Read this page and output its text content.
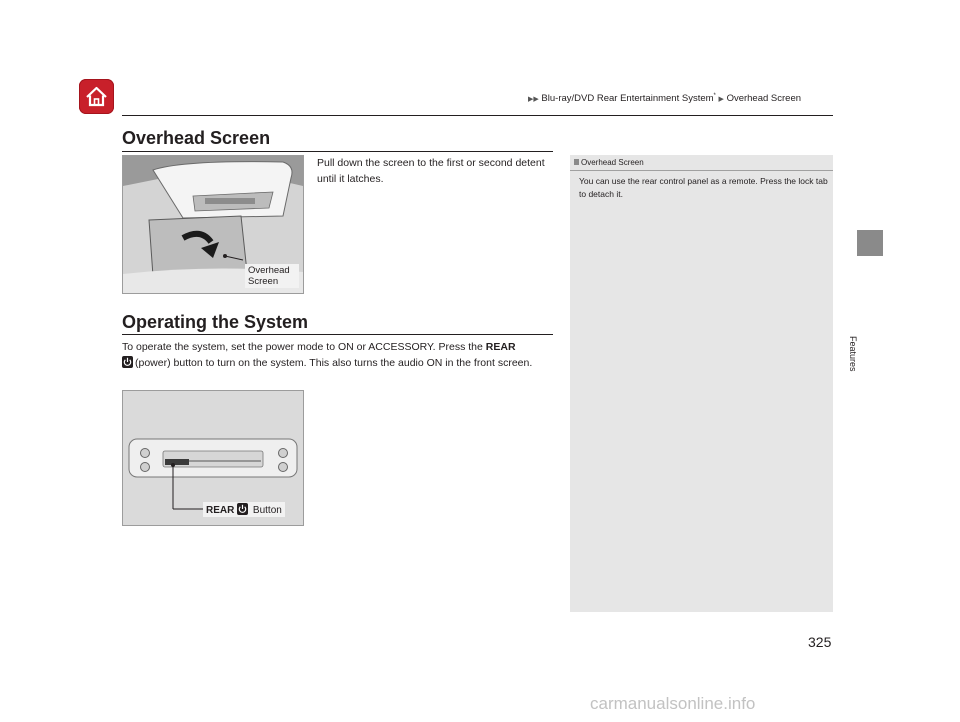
▶▶ Blu-ray/DVD Rear Entertainment System* ▶ Overhead Screen
Features
Overhead Screen
Overhead Screen
Pull down the screen to the first or second detent until it latches.
Operating the System
To operate the system, set the power mode to ON or ACCESSORY. Press the REAR

(power) button to turn on the system. This also turns the audio ON in the front screen.
REAR Button
Overhead Screen
You can use the rear control panel as a remote. Press the lock tab to detach it.
325
carmanualsonline.info
